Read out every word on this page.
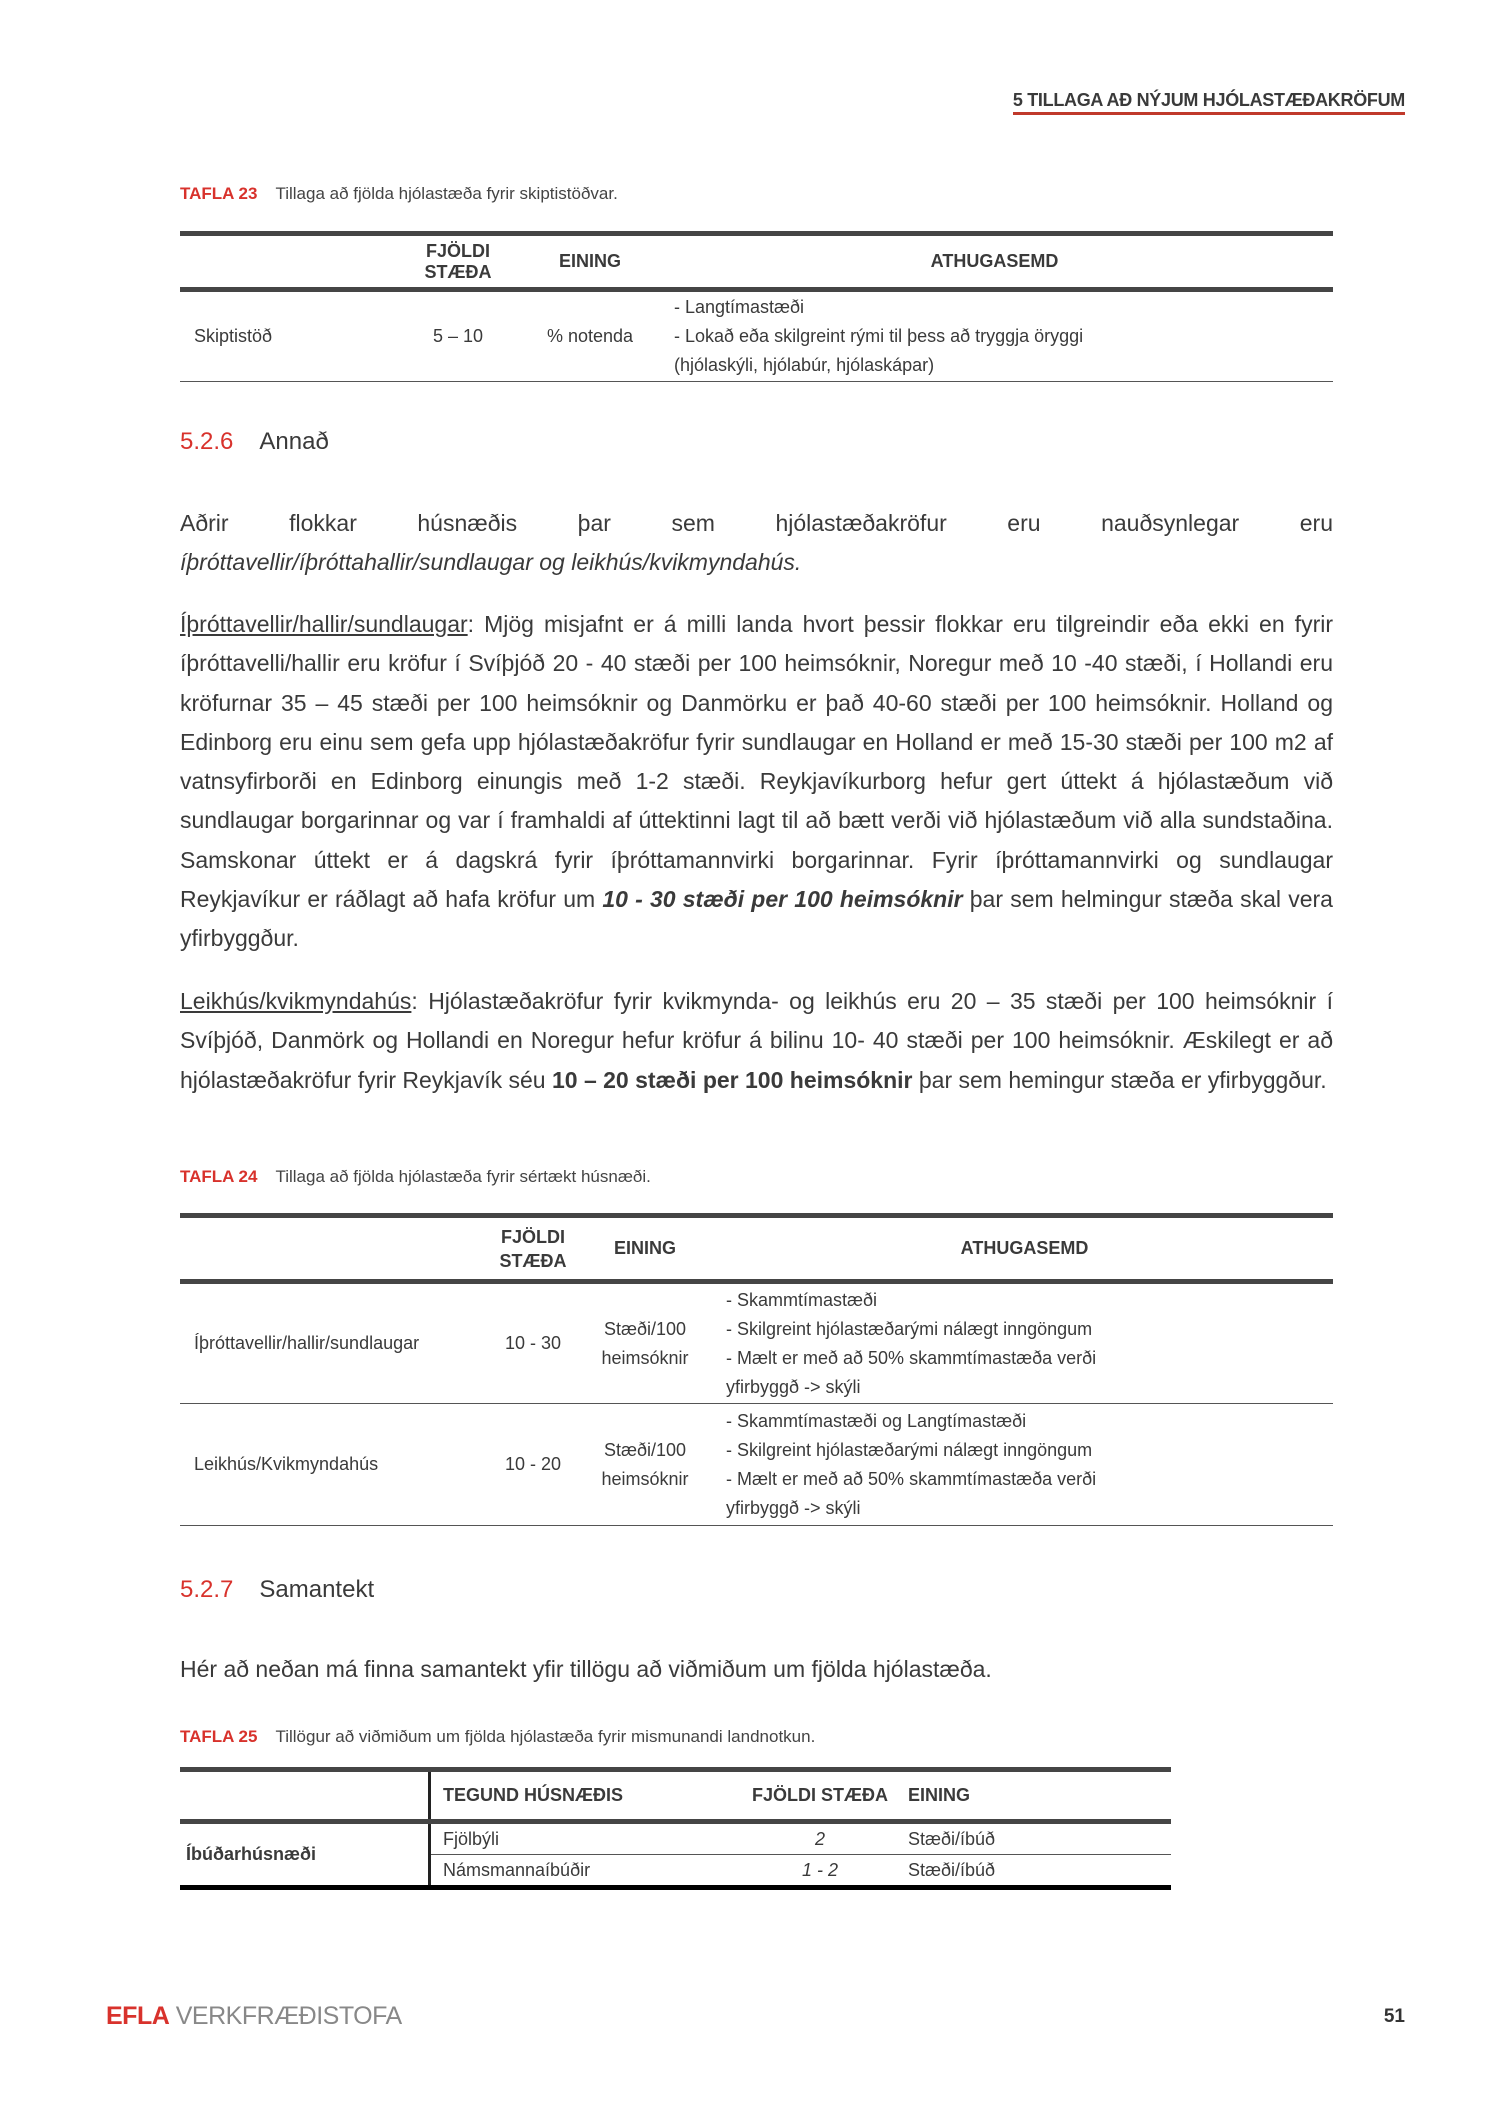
5 TILLAGA AÐ NÝJUM HJÓLASTÆÐAKRÖFUM
TAFLA 23 Tillaga að fjölda hjólastæða fyrir skiptistöðvar.
	FJÖLDI STÆÐA	EINING	ATHUGASEMD
Skiptistöð	5 – 10	% notenda	- Langtímastæði
- Lokað eða skilgreint rými til þess að tryggja öryggi
(hjólaskýli, hjólabúr, hjólaskápar)
5.2.6 Annað
Aðrir flokkar húsnæðis þar sem hjólastæðakröfur eru nauðsynlegar eru
íþróttavellir/íþróttahallir/sundlaugar og leikhús/kvikmyndahús.
Íþróttavellir/hallir/sundlaugar: Mjög misjafnt er á milli landa hvort þessir flokkar eru tilgreindir eða ekki en fyrir íþróttavelli/hallir eru kröfur í Svíþjóð 20 - 40 stæði per 100 heimsóknir, Noregur með 10 -40 stæði, í Hollandi eru kröfurnar 35 – 45 stæði per 100 heimsóknir og Danmörku er það 40-60 stæði per 100 heimsóknir. Holland og Edinborg eru einu sem gefa upp hjólastæðakröfur fyrir sundlaugar en Holland er með 15-30 stæði per 100 m2 af vatnsyfirborði en Edinborg einungis með 1-2 stæði. Reykjavíkurborg hefur gert úttekt á hjólastæðum við sundlaugar borgarinnar og var í framhaldi af úttektinni lagt til að bætt verði við hjólastæðum við alla sundstaðina. Samskonar úttekt er á dagskrá fyrir íþróttamannvirki borgarinnar. Fyrir íþróttamannvirki og sundlaugar Reykjavíkur er ráðlagt að hafa kröfur um 10 - 30 stæði per 100 heimsóknir þar sem helmingur stæða skal vera yfirbyggður.
Leikhús/kvikmyndahús: Hjólastæðakröfur fyrir kvikmynda- og leikhús eru 20 – 35 stæði per 100 heimsóknir í Svíþjóð, Danmörk og Hollandi en Noregur hefur kröfur á bilinu 10- 40 stæði per 100 heimsóknir. Æskilegt er að hjólastæðakröfur fyrir Reykjavík séu 10 – 20 stæði per 100 heimsóknir þar sem hemingur stæða er yfirbyggður.
TAFLA 24 Tillaga að fjölda hjólastæða fyrir sértækt húsnæði.
	FJÖLDI STÆÐA	EINING	ATHUGASEMD
Íþróttavellir/hallir/sundlaugar	10 - 30	Stæði/100 heimsóknir	- Skammtímastæði
- Skilgreint hjólastæðarými nálægt inngöngum
- Mælt er með að 50% skammtímastæða verði
yfirbyggð -> skýli

Leikhús/Kvikmyndahús	10 - 20	Stæði/100 heimsóknir	- Skammtímastæði og Langtímastæði
- Skilgreint hjólastæðarými nálægt inngöngum
- Mælt er með að 50% skammtímastæða verði
yfirbyggð -> skýli
5.2.7 Samantekt
Hér að neðan má finna samantekt yfir tillögu að viðmiðum um fjölda hjólastæða.
TAFLA 25 Tillögur að viðmiðum um fjölda hjólastæða fyrir mismunandi landnotkun.
	TEGUND HÚSNÆÐIS	FJÖLDI STÆÐA	EINING
Íbúðarhúsnæði	Fjölbýli	2	Stæði/íbúð
	Námsmannaíbúðir	1 - 2	Stæði/íbúð
EFLA VERKFRÆÐISTOFA	51
